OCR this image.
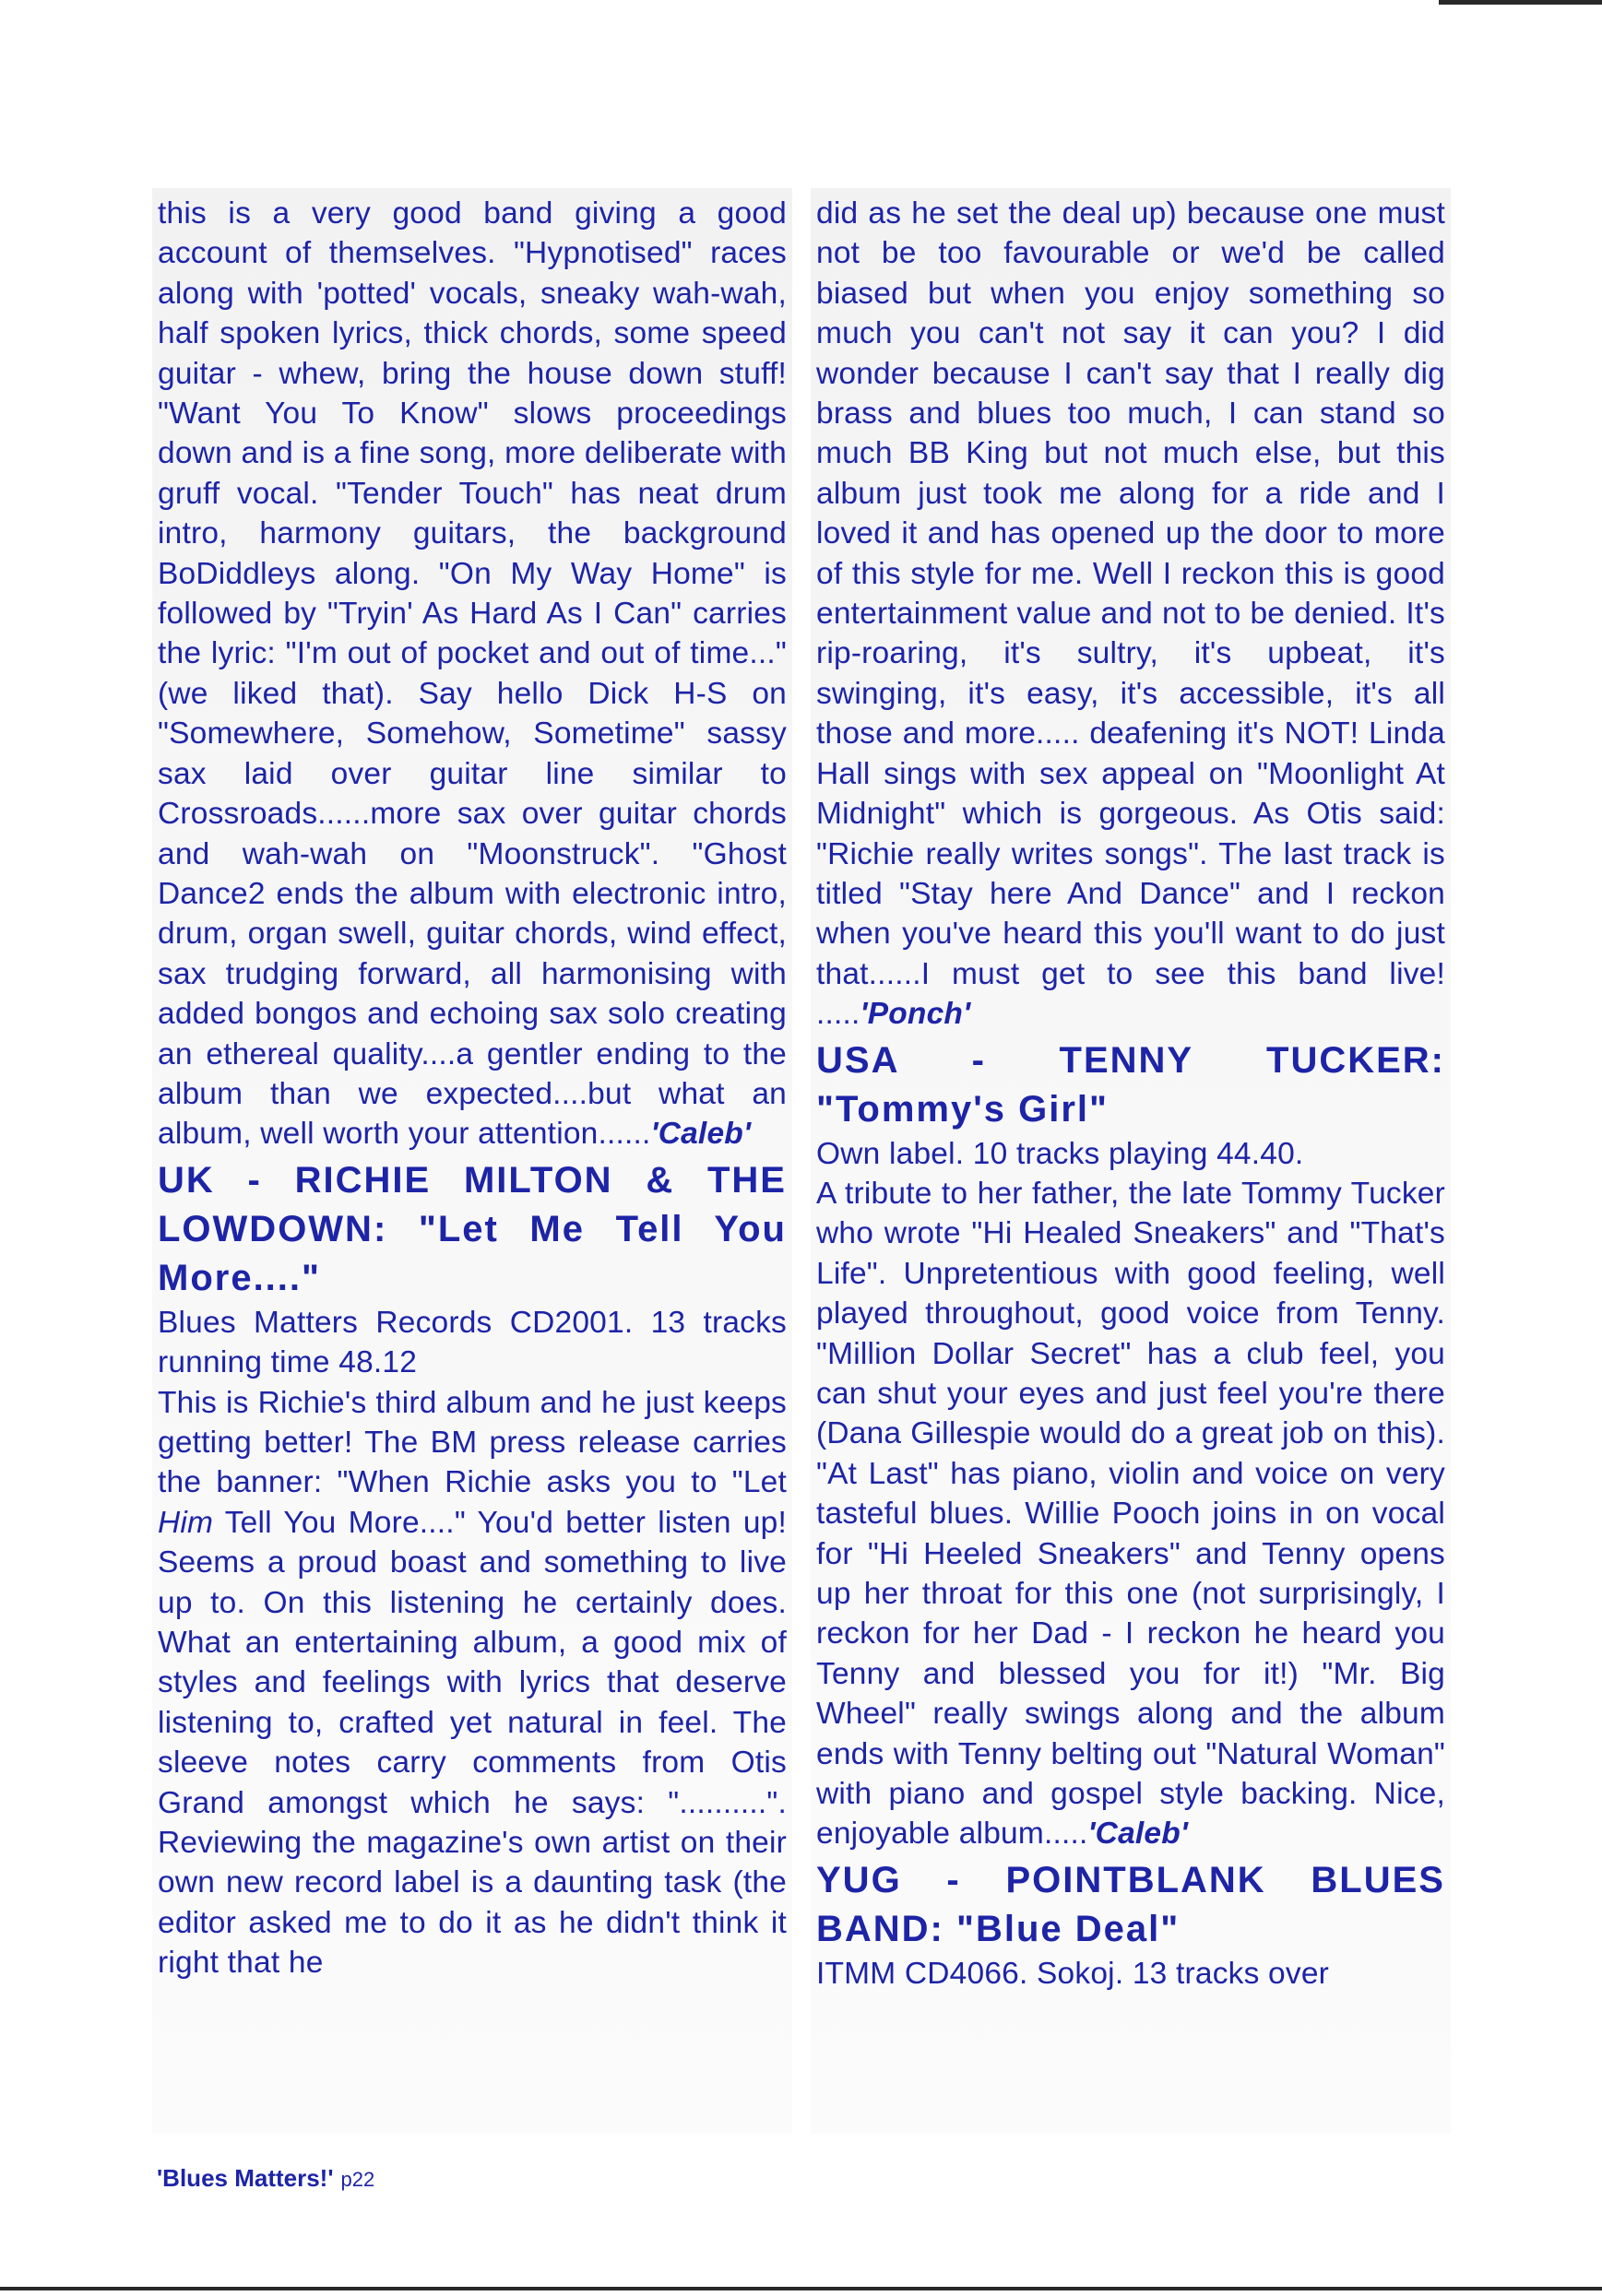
this is a very good band giving a good account of themselves. "Hypnotised" races along with 'potted' vocals, sneaky wah-wah, half spoken lyrics, thick chords, some speed guitar - whew, bring the house down stuff! "Want You To Know" slows proceedings down and is a fine song, more deliberate with gruff vocal. "Tender Touch" has neat drum intro, harmony guitars, the background BoDiddleys along. "On My Way Home" is followed by "Tryin' As Hard As I Can" carries the lyric: "I'm out of pocket and out of time..." (we liked that). Say hello Dick H-S on "Somewhere, Somehow, Sometime" sassy sax laid over guitar line similar to Crossroads......more sax over guitar chords and wah-wah on "Moonstruck". "Ghost Dance2 ends the album with electronic intro, drum, organ swell, guitar chords, wind effect, sax trudging forward, all harmonising with added bongos and echoing sax solo creating an ethereal quality....a gentler ending to the album than we expected....but what an album, well worth your attention......'Caleb'

UK - RICHIE MILTON & THE LOWDOWN: "Let Me Tell You More...."

Blues Matters Records CD2001. 13 tracks running time 48.12

This is Richie's third album and he just keeps getting better! The BM press release carries the banner: "When Richie asks you to "Let Him Tell You More...." You'd better listen up! Seems a proud boast and something to live up to. On this listening he certainly does. What an entertaining album, a good mix of styles and feelings with lyrics that deserve listening to, crafted yet natural in feel. The sleeve notes carry comments from Otis Grand amongst which he says: "..........". Reviewing the magazine's own artist on their own new record label is a daunting task (the editor asked me to do it as he didn't think it right that he

did as he set the deal up) because one must not be too favourable or we'd be called biased but when you enjoy something so much you can't not say it can you? I did wonder because I can't say that I really dig brass and blues too much, I can stand so much BB King but not much else, but this album just took me along for a ride and I loved it and has opened up the door to more of this style for me. Well I reckon this is good entertainment value and not to be denied. It's rip-roaring, it's sultry, it's upbeat, it's swinging, it's easy, it's accessible, it's all those and more..... deafening it's NOT! Linda Hall sings with sex appeal on "Moonlight At Midnight" which is gorgeous. As Otis said: "Richie really writes songs". The last track is titled "Stay here And Dance" and I reckon when you've heard this you'll want to do just that......I must get to see this band live! .....'Ponch'

USA - TENNY TUCKER: "Tommy's Girl"

Own label. 10 tracks playing 44.40.

A tribute to her father, the late Tommy Tucker who wrote "Hi Healed Sneakers" and "That's Life". Unpretentious with good feeling, well played throughout, good voice from Tenny. "Million Dollar Secret" has a club feel, you can shut your eyes and just feel you're there (Dana Gillespie would do a great job on this). "At Last" has piano, violin and voice on very tasteful blues. Willie Pooch joins in on vocal for "Hi Heeled Sneakers" and Tenny opens up her throat for this one (not surprisingly, I reckon for her Dad - I reckon he heard you Tenny and blessed you for it!) "Mr. Big Wheel" really swings along and the album ends with Tenny belting out "Natural Woman" with piano and gospel style backing. Nice, enjoyable album.....'Caleb'

YUG - POINTBLANK BLUES BAND: "Blue Deal"

ITMM CD4066. Sokoj. 13 tracks over

'Blues Matters!' p22
